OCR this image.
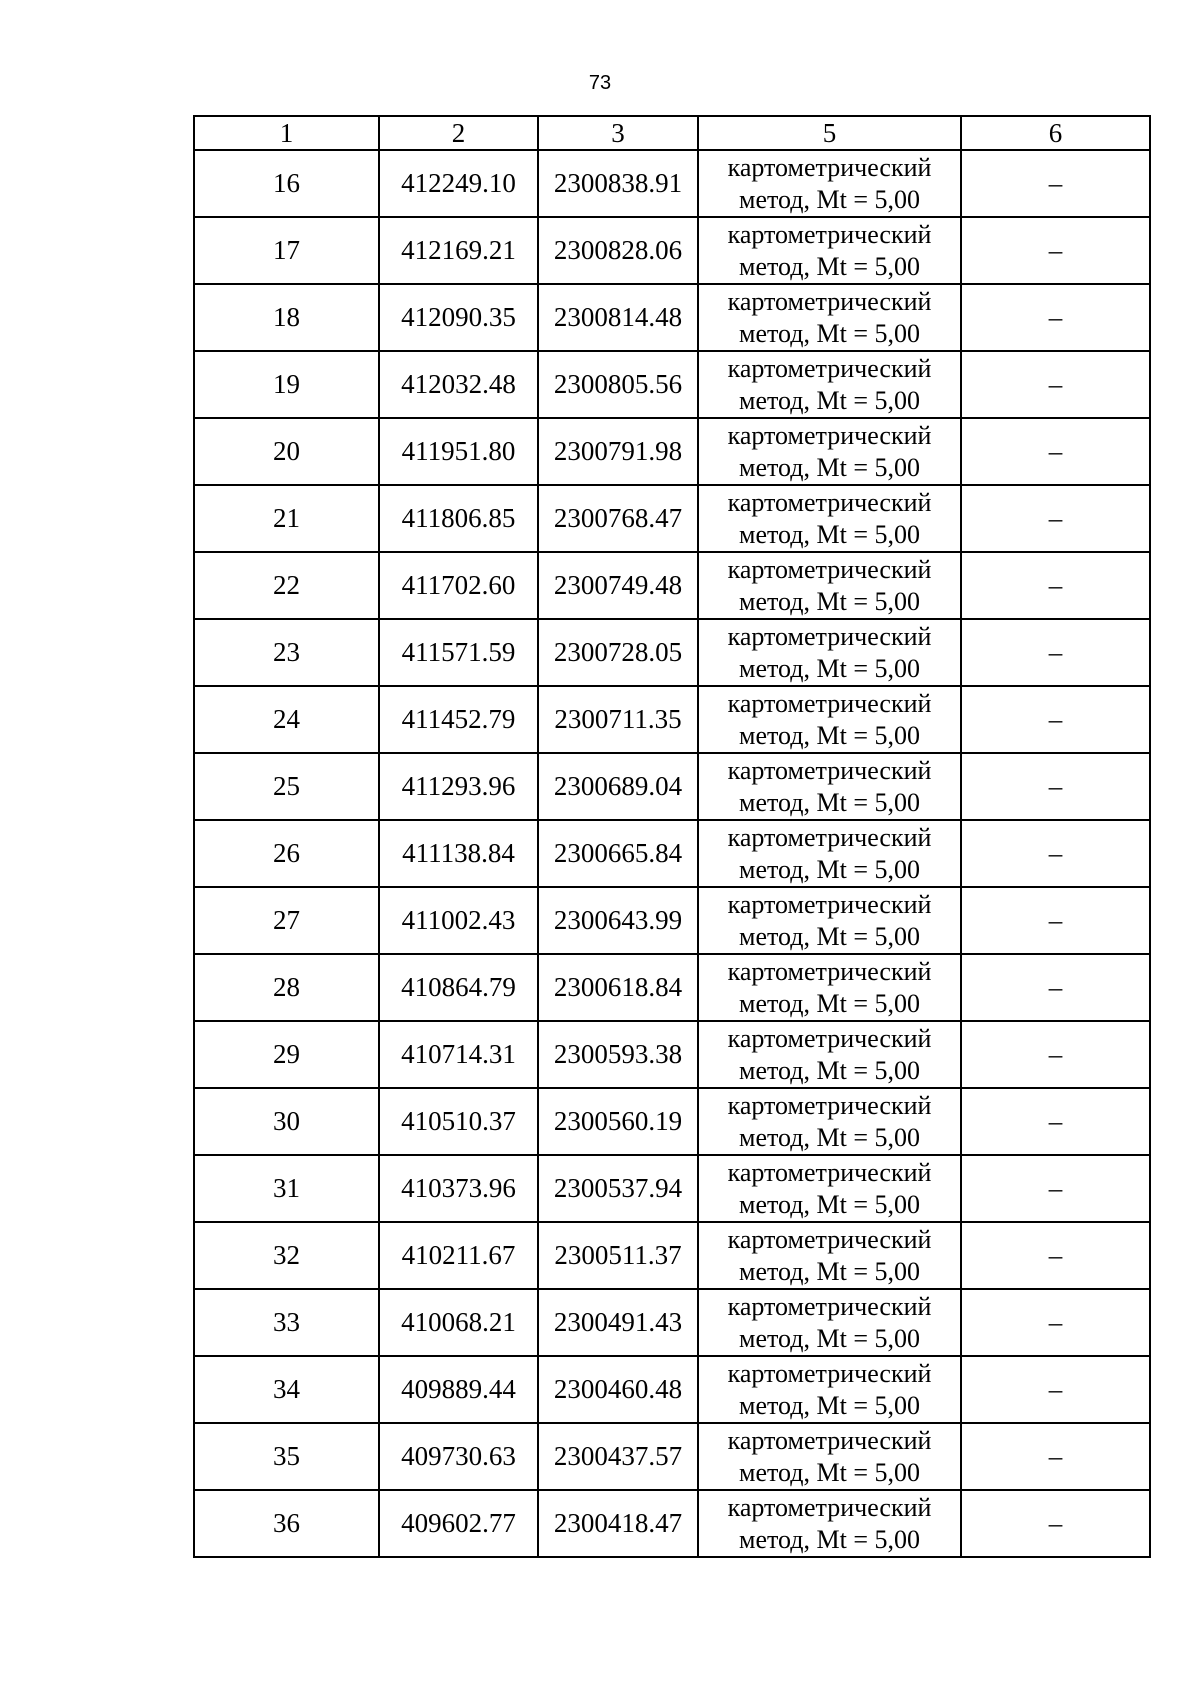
73
1	2	3	5	6
16	412249.10	2300838.91	картометрический
метод, Mt = 5,00	–
17	412169.21	2300828.06	картометрический
метод, Mt = 5,00	–
18	412090.35	2300814.48	картометрический
метод, Mt = 5,00	–
19	412032.48	2300805.56	картометрический
метод, Mt = 5,00	–
20	411951.80	2300791.98	картометрический
метод, Mt = 5,00	–
21	411806.85	2300768.47	картометрический
метод, Mt = 5,00	–
22	411702.60	2300749.48	картометрический
метод, Mt = 5,00	–
23	411571.59	2300728.05	картометрический
метод, Mt = 5,00	–
24	411452.79	2300711.35	картометрический
метод, Mt = 5,00	–
25	411293.96	2300689.04	картометрический
метод, Mt = 5,00	–
26	411138.84	2300665.84	картометрический
метод, Mt = 5,00	–
27	411002.43	2300643.99	картометрический
метод, Mt = 5,00	–
28	410864.79	2300618.84	картометрический
метод, Mt = 5,00	–
29	410714.31	2300593.38	картометрический
метод, Mt = 5,00	–
30	410510.37	2300560.19	картометрический
метод, Mt = 5,00	–
31	410373.96	2300537.94	картометрический
метод, Mt = 5,00	–
32	410211.67	2300511.37	картометрический
метод, Mt = 5,00	–
33	410068.21	2300491.43	картометрический
метод, Mt = 5,00	–
34	409889.44	2300460.48	картометрический
метод, Mt = 5,00	–
35	409730.63	2300437.57	картометрический
метод, Mt = 5,00	–
36	409602.77	2300418.47	картометрический
метод, Mt = 5,00	–
